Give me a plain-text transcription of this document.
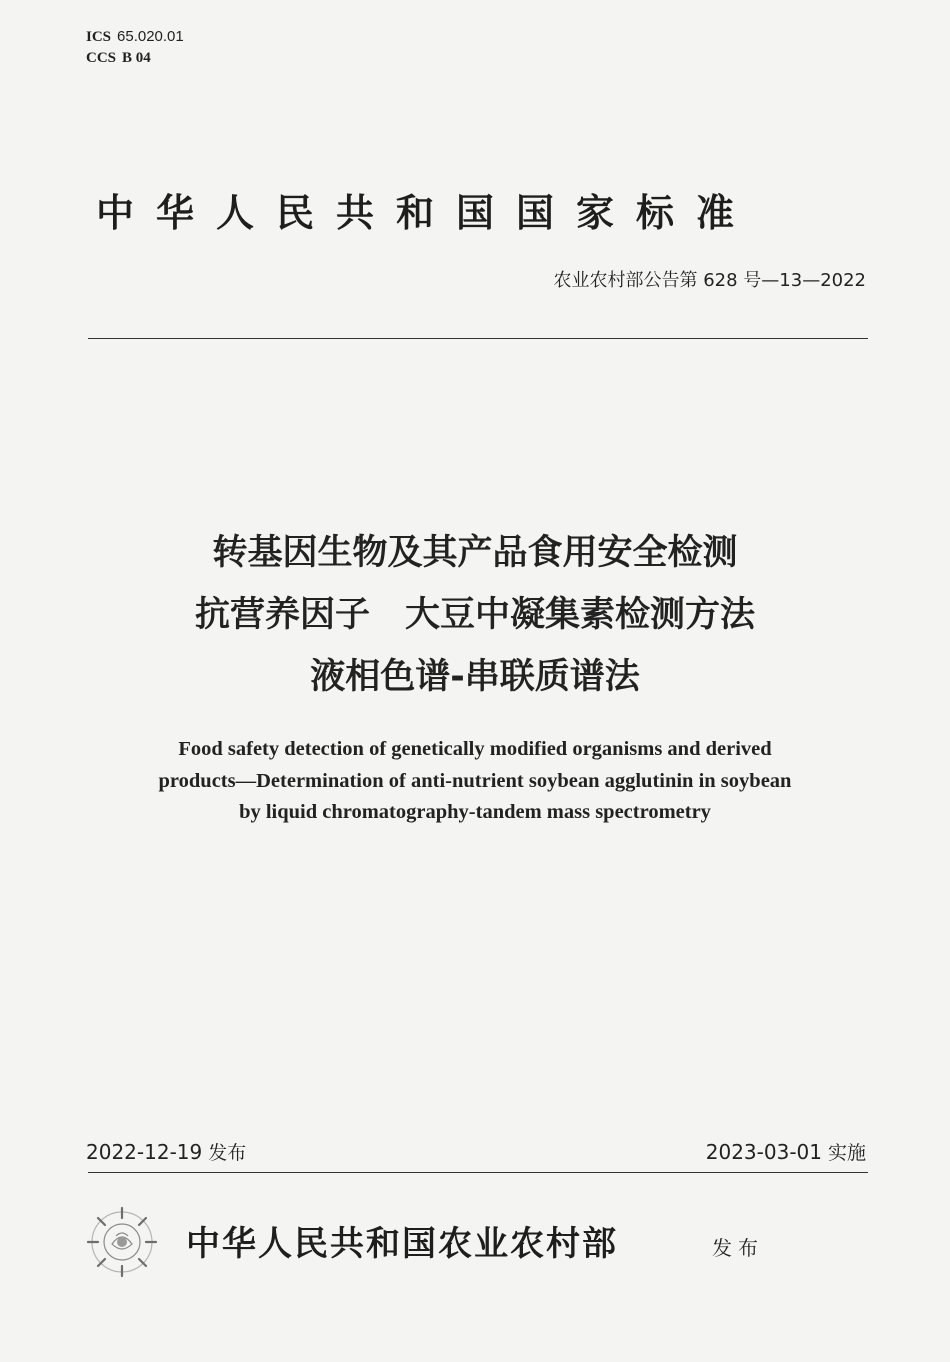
ICS 65.020.01
CCS B 04
中华人民共和国国家标准
农业农村部公告第 628 号—13—2022
转基因生物及其产品食用安全检测
抗营养因子　大豆中凝集素检测方法
液相色谱-串联质谱法
Food safety detection of genetically modified organisms and derived
products—Determination of anti-nutrient soybean agglutinin in soybean
by liquid chromatography-tandem mass spectrometry
2022-12-19 发布	2023-03-01 实施
中华人民共和国农业农村部	发布
